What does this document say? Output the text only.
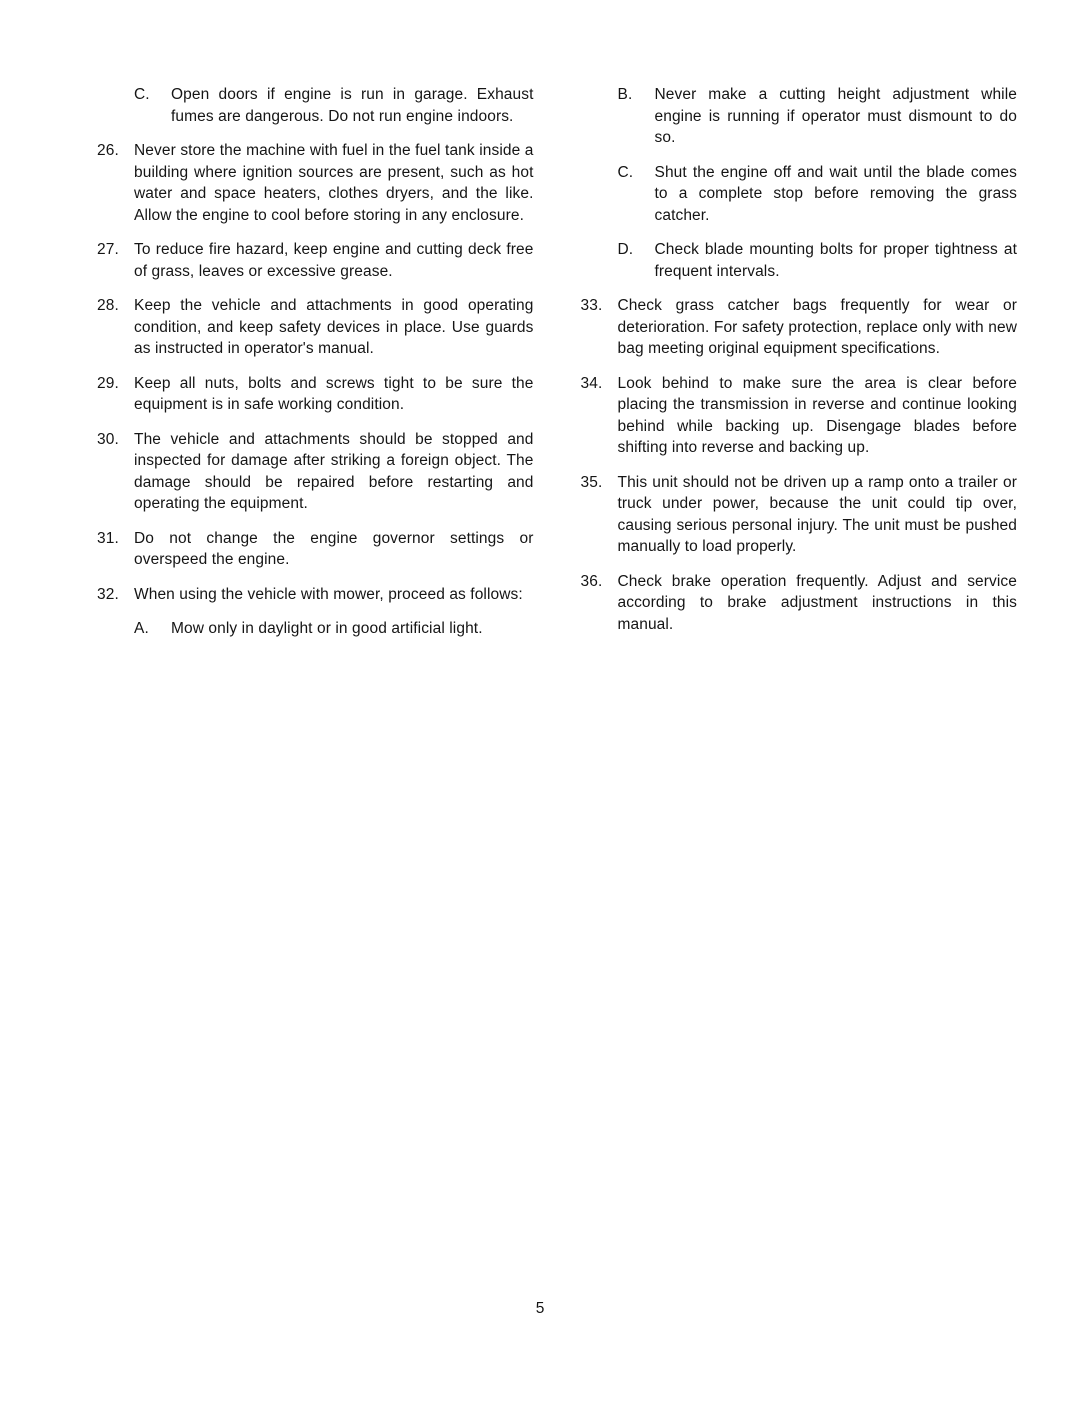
C. Open doors if engine is run in garage. Exhaust fumes are dangerous. Do not run engine indoors.
26. Never store the machine with fuel in the fuel tank inside a building where ignition sources are present, such as hot water and space heaters, clothes dryers, and the like. Allow the engine to cool before storing in any enclosure.
27. To reduce fire hazard, keep engine and cutting deck free of grass, leaves or excessive grease.
28. Keep the vehicle and attachments in good operating condition, and keep safety devices in place. Use guards as instructed in operator's manual.
29. Keep all nuts, bolts and screws tight to be sure the equipment is in safe working condition.
30. The vehicle and attachments should be stopped and inspected for damage after striking a foreign object. The damage should be repaired before restarting and operating the equipment.
31. Do not change the engine governor settings or overspeed the engine.
32. When using the vehicle with mower, proceed as follows:
A. Mow only in daylight or in good artificial light.
B. Never make a cutting height adjustment while engine is running if operator must dismount to do so.
C. Shut the engine off and wait until the blade comes to a complete stop before removing the grass catcher.
D. Check blade mounting bolts for proper tightness at frequent intervals.
33. Check grass catcher bags frequently for wear or deterioration. For safety protection, replace only with new bag meeting original equipment specifications.
34. Look behind to make sure the area is clear before placing the transmission in reverse and continue looking behind while backing up. Disengage blades before shifting into reverse and backing up.
35. This unit should not be driven up a ramp onto a trailer or truck under power, because the unit could tip over, causing serious personal injury. The unit must be pushed manually to load properly.
36. Check brake operation frequently. Adjust and service according to brake adjustment instructions in this manual.
5
